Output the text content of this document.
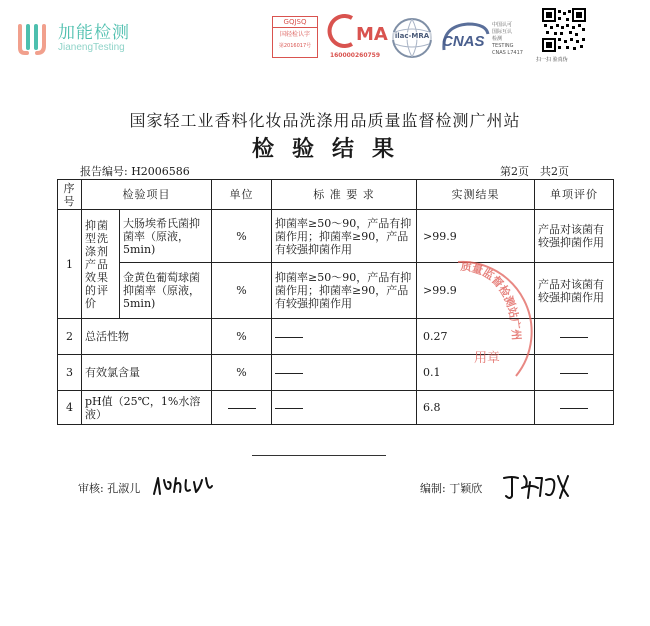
加能检测
JianengTesting
GQJSQ
国轻检认字
第2016017号
MA
160000260759
ilac-MRA CNAS
中国认可
国际互认
检测
TESTING
CNAS L7417
扫一扫 验真伪
国家轻工业香料化妆品洗涤用品质量监督检测广州站
检验结果
报告编号: H2006586	第2页　共2页
序号	检验项目		单位	标 准 要 求	实测结果	单项评价
1	抑菌型洗涤剂产品效果的评价	大肠埃希氏菌抑菌率（原液，5min)	%	抑菌率≥50～90，产品有抑菌作用；抑菌率≥90，产品有较强抑菌作用	>99.9	产品对该菌有较强抑菌作用
		金黄色葡萄球菌抑菌率（原液，5min)	%	抑菌率≥50～90，产品有抑菌作用；抑菌率≥90，产品有较强抑菌作用	>99.9	产品对该菌有较强抑菌作用
2	总活性物		%		0.27	
3	有效氯含量		%		0.1	
4	pH值（25℃，1%水溶液）				6.8	
质量监督检测站广州
用章
审核: 孔淑儿	编制: 丁颖欣
